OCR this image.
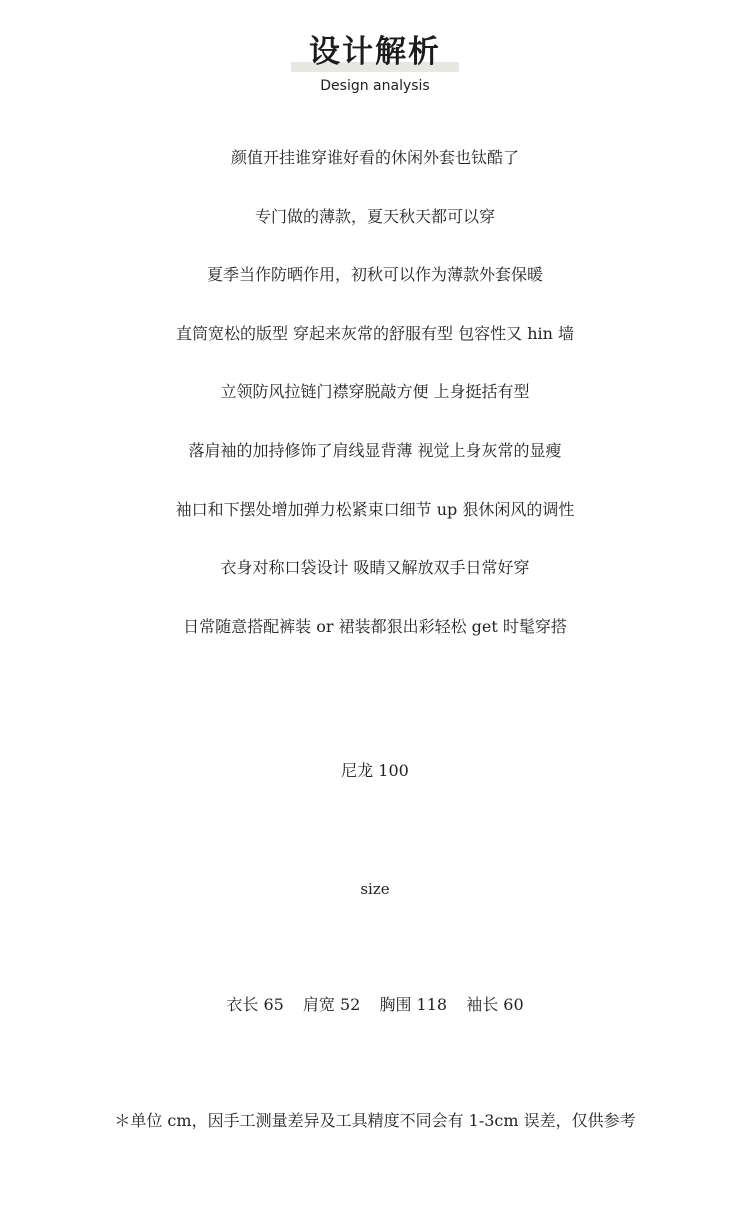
设计解析
Design analysis
颜值开挂谁穿谁好看的休闲外套也钛酷了
专门做的薄款，夏天秋天都可以穿
夏季当作防晒作用，初秋可以作为薄款外套保暖
直筒宽松的版型 穿起来灰常的舒服有型 包容性又 hin 墙
立领防风拉链门襟穿脱敲方便 上身挺括有型
落肩袖的加持修饰了肩线显背薄 视觉上身灰常的显瘦
袖口和下摆处增加弹力松紧束口细节 up 狠休闲风的调性
衣身对称口袋设计 吸睛又解放双手日常好穿
日常随意搭配裤装 or 裙装都狠出彩轻松 get 时髦穿搭
尼龙 100
size
衣长 65 肩宽 52 胸围 118 袖长 60
＊单位 cm，因手工测量差异及工具精度不同会有 1-3cm 误差，仅供参考
